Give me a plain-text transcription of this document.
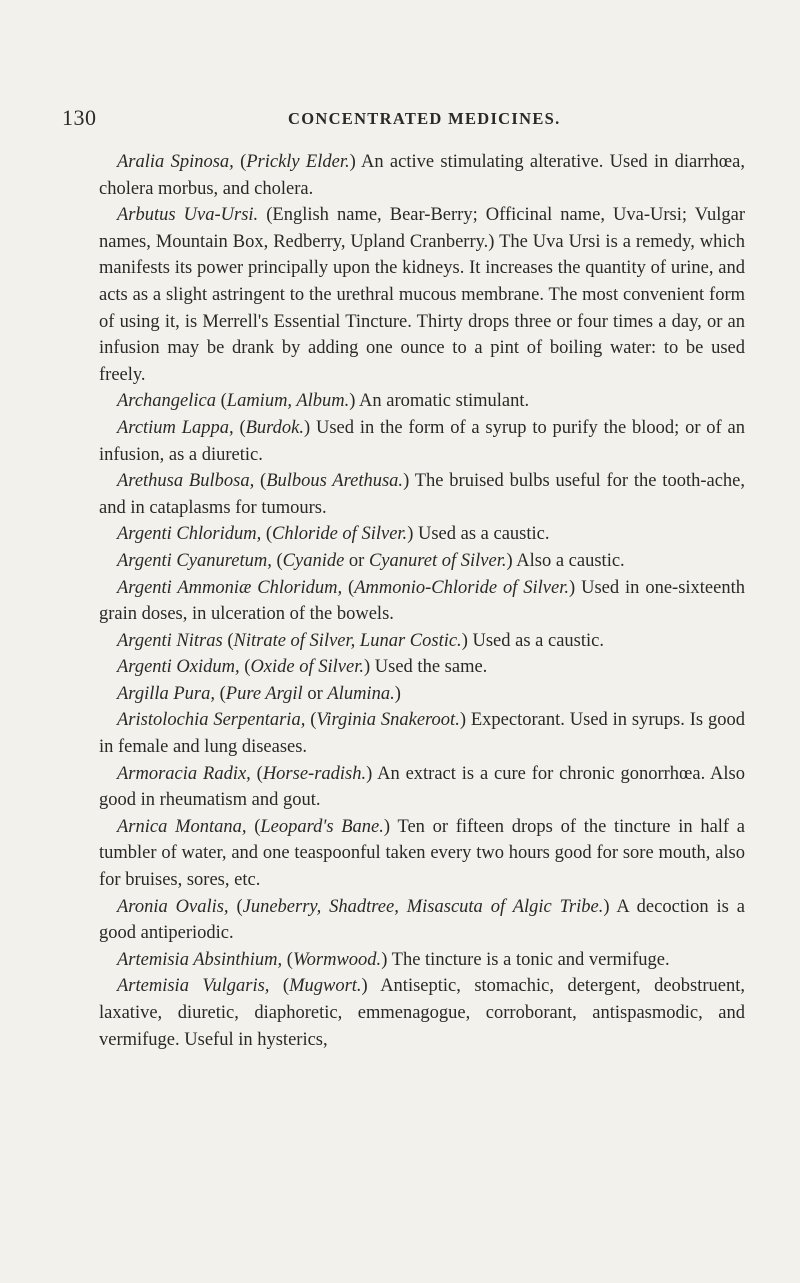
130	CONCENTRATED MEDICINES.

Aralia Spinosa, (Prickly Elder.) An active stimulating alterative. Used in diarrhœa, cholera morbus, and cholera.

Arbutus Uva-Ursi. (English name, Bear-Berry; Officinal name, Uva-Ursi; Vulgar names, Mountain Box, Redberry, Upland Cranberry.) The Uva Ursi is a remedy, which manifests its power principally upon the kidneys. It increases the quantity of urine, and acts as a slight astringent to the urethral mucous membrane. The most convenient form of using it, is Merrell's Essential Tincture. Thirty drops three or four times a day, or an infusion may be drank by adding one ounce to a pint of boiling water: to be used freely.

Archangelica (Lamium, Album.) An aromatic stimulant.

Arctium Lappa, (Burdok.) Used in the form of a syrup to purify the blood; or of an infusion, as a diuretic.

Arethusa Bulbosa, (Bulbous Arethusa.) The bruised bulbs useful for the tooth-ache, and in cataplasms for tumours.

Argenti Chloridum, (Chloride of Silver.) Used as a caustic.

Argenti Cyanuretum, (Cyanide or Cyanuret of Silver.) Also a caustic.

Argenti Ammoniæ Chloridum, (Ammonio-Chloride of Silver.) Used in one-sixteenth grain doses, in ulceration of the bowels.

Argenti Nitras (Nitrate of Silver, Lunar Costic.) Used as a caustic.

Argenti Oxidum, (Oxide of Silver.) Used the same.

Argilla Pura, (Pure Argil or Alumina.)

Aristolochia Serpentaria, (Virginia Snakeroot.) Expectorant. Used in syrups. Is good in female and lung diseases.

Armoracia Radix, (Horse-radish.) An extract is a cure for chronic gonorrhœa. Also good in rheumatism and gout.

Arnica Montana, (Leopard's Bane.) Ten or fifteen drops of the tincture in half a tumbler of water, and one teaspoonful taken every two hours good for sore mouth, also for bruises, sores, etc.

Aronia Ovalis, (Juneberry, Shadtree, Misascuta of Algic Tribe.) A decoction is a good antiperiodic.

Artemisia Absinthium, (Wormwood.) The tincture is a tonic and vermifuge.

Artemisia Vulgaris, (Mugwort.) Antiseptic, stomachic, detergent, deobstruent, laxative, diuretic, diaphoretic, emmenagogue, corroborant, antispasmodic, and vermifuge. Useful in hysterics,
